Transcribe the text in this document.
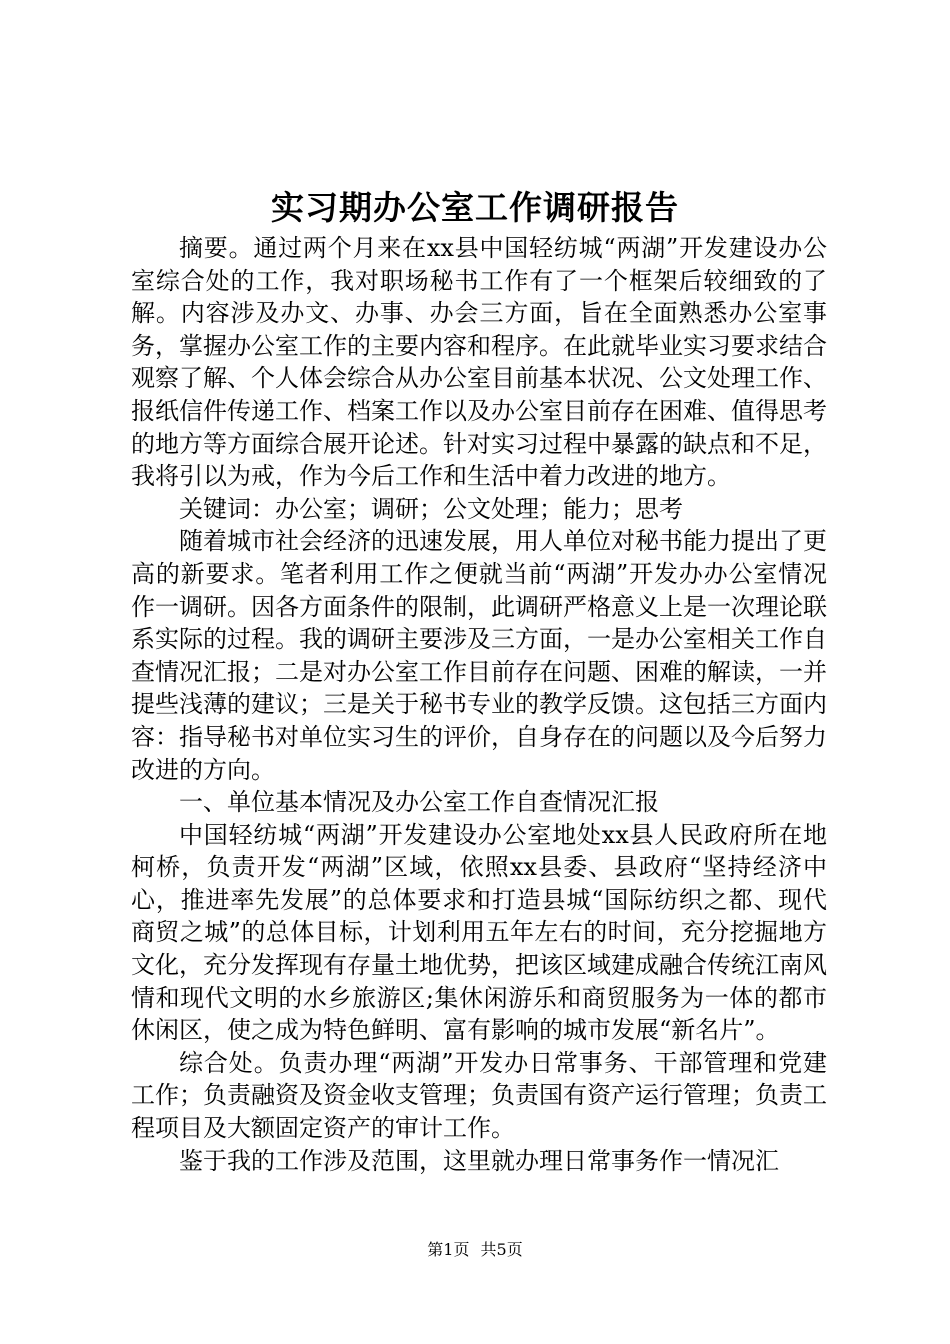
实习期办公室工作调研报告

摘要。通过两个月来在xx县中国轻纺城“两湖”开发建设办公室综合处的工作，我对职场秘书工作有了一个框架后较细致的了解。内容涉及办文、办事、办会三方面，旨在全面熟悉办公室事务，掌握办公室工作的主要内容和程序。在此就毕业实习要求结合观察了解、个人体会综合从办公室目前基本状况、公文处理工作、报纸信件传递工作、档案工作以及办公室目前存在困难、值得思考的地方等方面综合展开论述。针对实习过程中暴露的缺点和不足，我将引以为戒，作为今后工作和生活中着力改进的地方。

关键词：办公室；调研；公文处理；能力；思考

随着城市社会经济的迅速发展，用人单位对秘书能力提出了更高的新要求。笔者利用工作之便就当前“两湖”开发办办公室情况作一调研。因各方面条件的限制，此调研严格意义上是一次理论联系实际的过程。我的调研主要涉及三方面，一是办公室相关工作自查情况汇报；二是对办公室工作目前存在问题、困难的解读，一并提些浅薄的建议；三是关于秘书专业的教学反馈。这包括三方面内容：指导秘书对单位实习生的评价，自身存在的问题以及今后努力改进的方向。

一、单位基本情况及办公室工作自查情况汇报

中国轻纺城“两湖”开发建设办公室地处xx县人民政府所在地柯桥，负责开发“两湖”区域，依照xx县委、县政府“坚持经济中心，推进率先发展”的总体要求和打造县城“国际纺织之都、现代商贸之城”的总体目标，计划利用五年左右的时间，充分挖掘地方文化，充分发挥现有存量土地优势，把该区域建成融合传统江南风情和现代文明的水乡旅游区;集休闲游乐和商贸服务为一体的都市休闲区，使之成为特色鲜明、富有影响的城市发展“新名片”。

综合处。负责办理“两湖”开发办日常事务、干部管理和党建工作；负责融资及资金收支管理；负责国有资产运行管理；负责工程项目及大额固定资产的审计工作。

鉴于我的工作涉及范围，这里就办理日常事务作一情况汇

第1页 共5页
